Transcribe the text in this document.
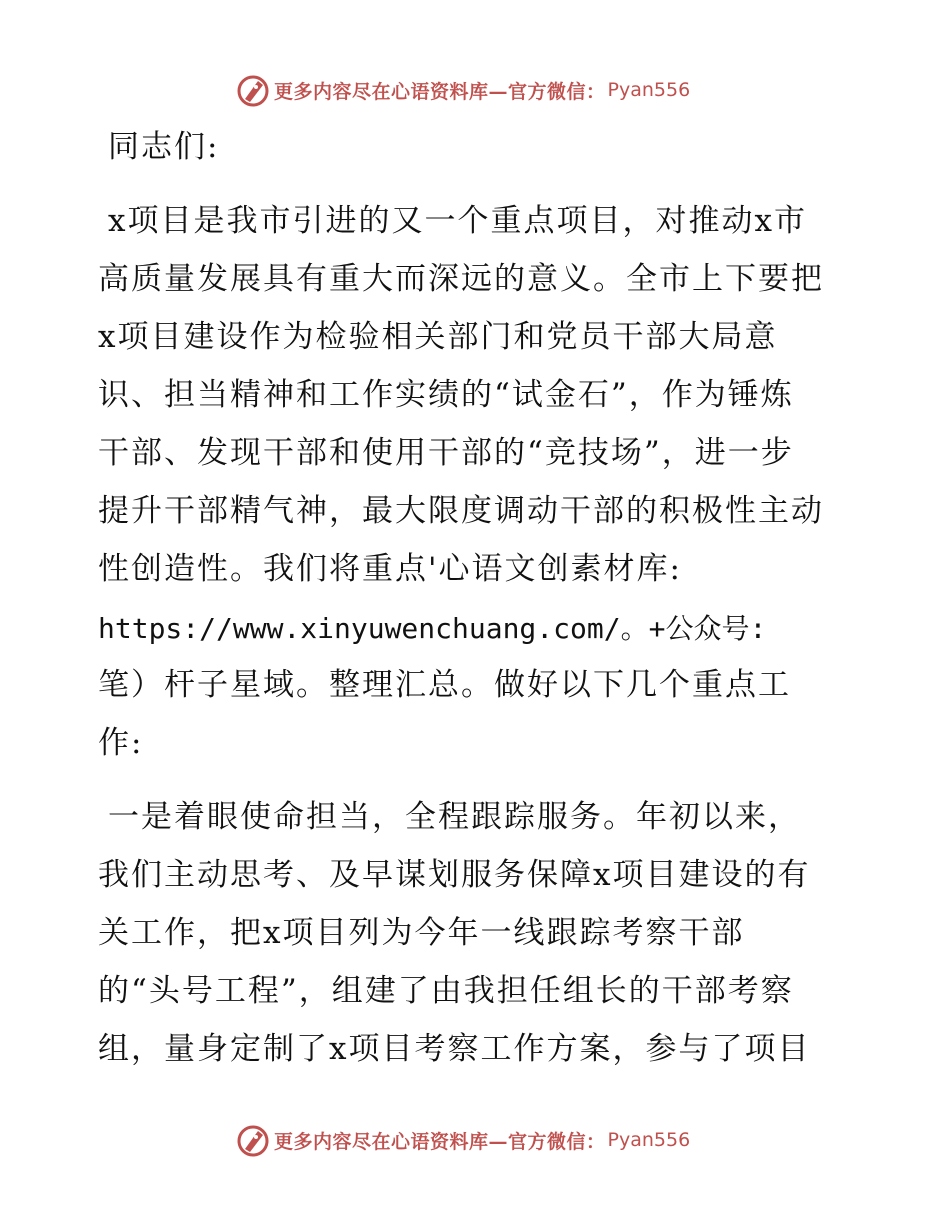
更多内容尽在心语资料库—官方微信： Pyan556

同志们:

x项目是我市引进的又一个重点项目，对推动x市

高质量发展具有重大而深远的意义。全市上下要把

x项目建设作为检验相关部门和党员干部大局意

识、担当精神和工作实绩的“试金石”，作为锤炼

干部、发现干部和使用干部的“竞技场”，进一步

提升干部精气神，最大限度调动干部的积极性主动

性创造性。我们将重点'心语文创素材库:

https://www.xinyuwenchuang.com/。+公众号:

笔）杆子星域。整理汇总。做好以下几个重点工

作:

一是着眼使命担当，全程跟踪服务。年初以来，

我们主动思考、及早谋划服务保障x项目建设的有

关工作，把x项目列为今年一线跟踪考察干部

的“头号工程”，组建了由我担任组长的干部考察

组，量身定制了x项目考察工作方案，参与了项目

更多内容尽在心语资料库—官方微信： Pyan556
